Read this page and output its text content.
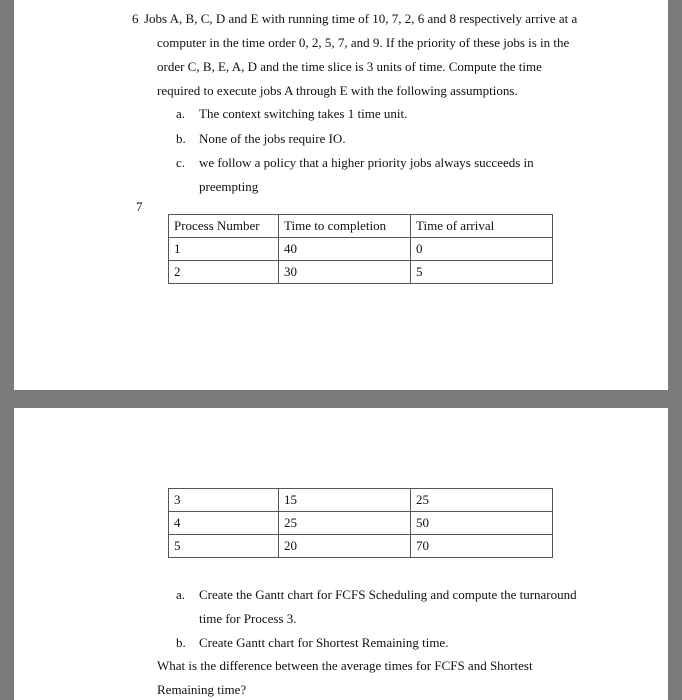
6 Jobs A, B, C, D and E with running time of 10, 7, 2, 6 and 8 respectively arrive at a
computer in the time order 0, 2, 5, 7, and 9. If the priority of these jobs is in the
order C, B, E, A, D and the time slice is 3 units of time. Compute the time
required to execute jobs A through E with the following assumptions.
a. The context switching takes 1 time unit.
b. None of the jobs require IO.
c. we follow a policy that a higher priority jobs always succeeds in
preempting
7
Process Number	Time to completion	Time of arrival
1	40	0
2	30	5
3	15	25
4	25	50
5	20	70
a. Create the Gantt chart for FCFS Scheduling and compute the turnaround
time for Process 3.
b. Create Gantt chart for Shortest Remaining time.
What is the difference between the average times for FCFS and Shortest
Remaining time?
